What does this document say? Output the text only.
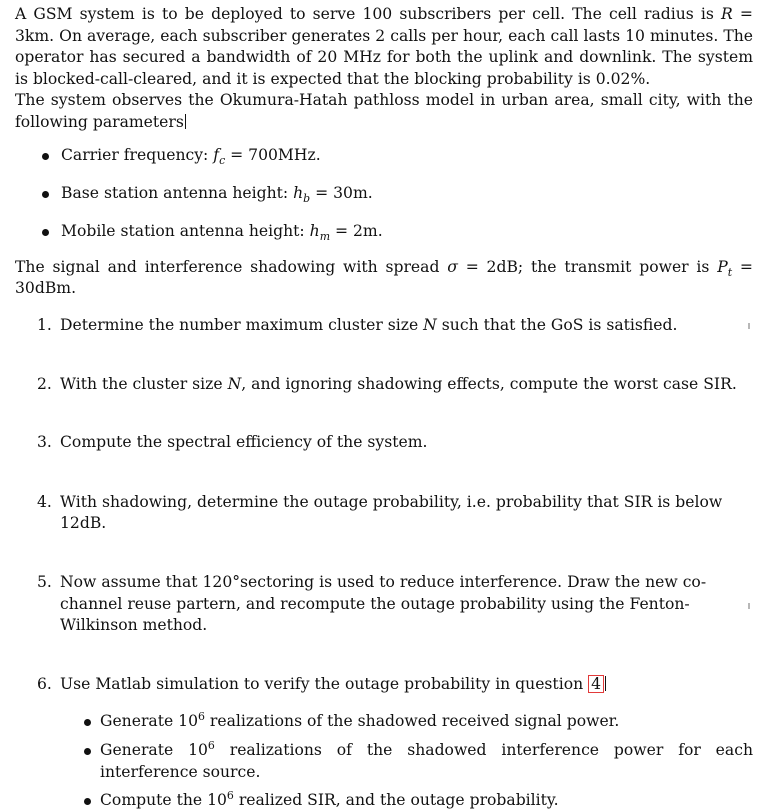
A GSM system is to be deployed to serve 100 subscribers per cell. The cell radius is R = 3km. On average, each subscriber generates 2 calls per hour, each call lasts 10 minutes. The operator has secured a bandwidth of 20 MHz for both the uplink and downlink. The system is blocked-call-cleared, and it is expected that the blocking probability is 0.02%.

The system observes the Okumura-Hatah pathloss model in urban area, small city, with the following parameters

Carrier frequency: $f_c = 700MHz$.
Base station antenna height: $h_b = 30m$.
Mobile station antenna height: $h_m = 2m$.

The signal and interference shadowing with spread σ = 2dB; the transmit power is $P_t = 30dBm$.

1. Determine the number maximum cluster size N such that the GoS is satisfied.
2. With the cluster size N, and ignoring shadowing effects, compute the worst case SIR.
3. Compute the spectral efficiency of the system.
4. With shadowing, determine the outage probability, i.e. probability that SIR is below 12dB.
5. Now assume that 120°sectoring is used to reduce interference. Draw the new co-channel reuse partern, and recompute the outage probability using the Fenton-Wilkinson method.
6. Use Matlab simulation to verify the outage probability in question 4
Generate $10^6$ realizations of the shadowed received signal power.
Generate $10^6$ realizations of the shadowed interference power for each interference source.
Compute the $10^6$ realized SIR, and the outage probability.
